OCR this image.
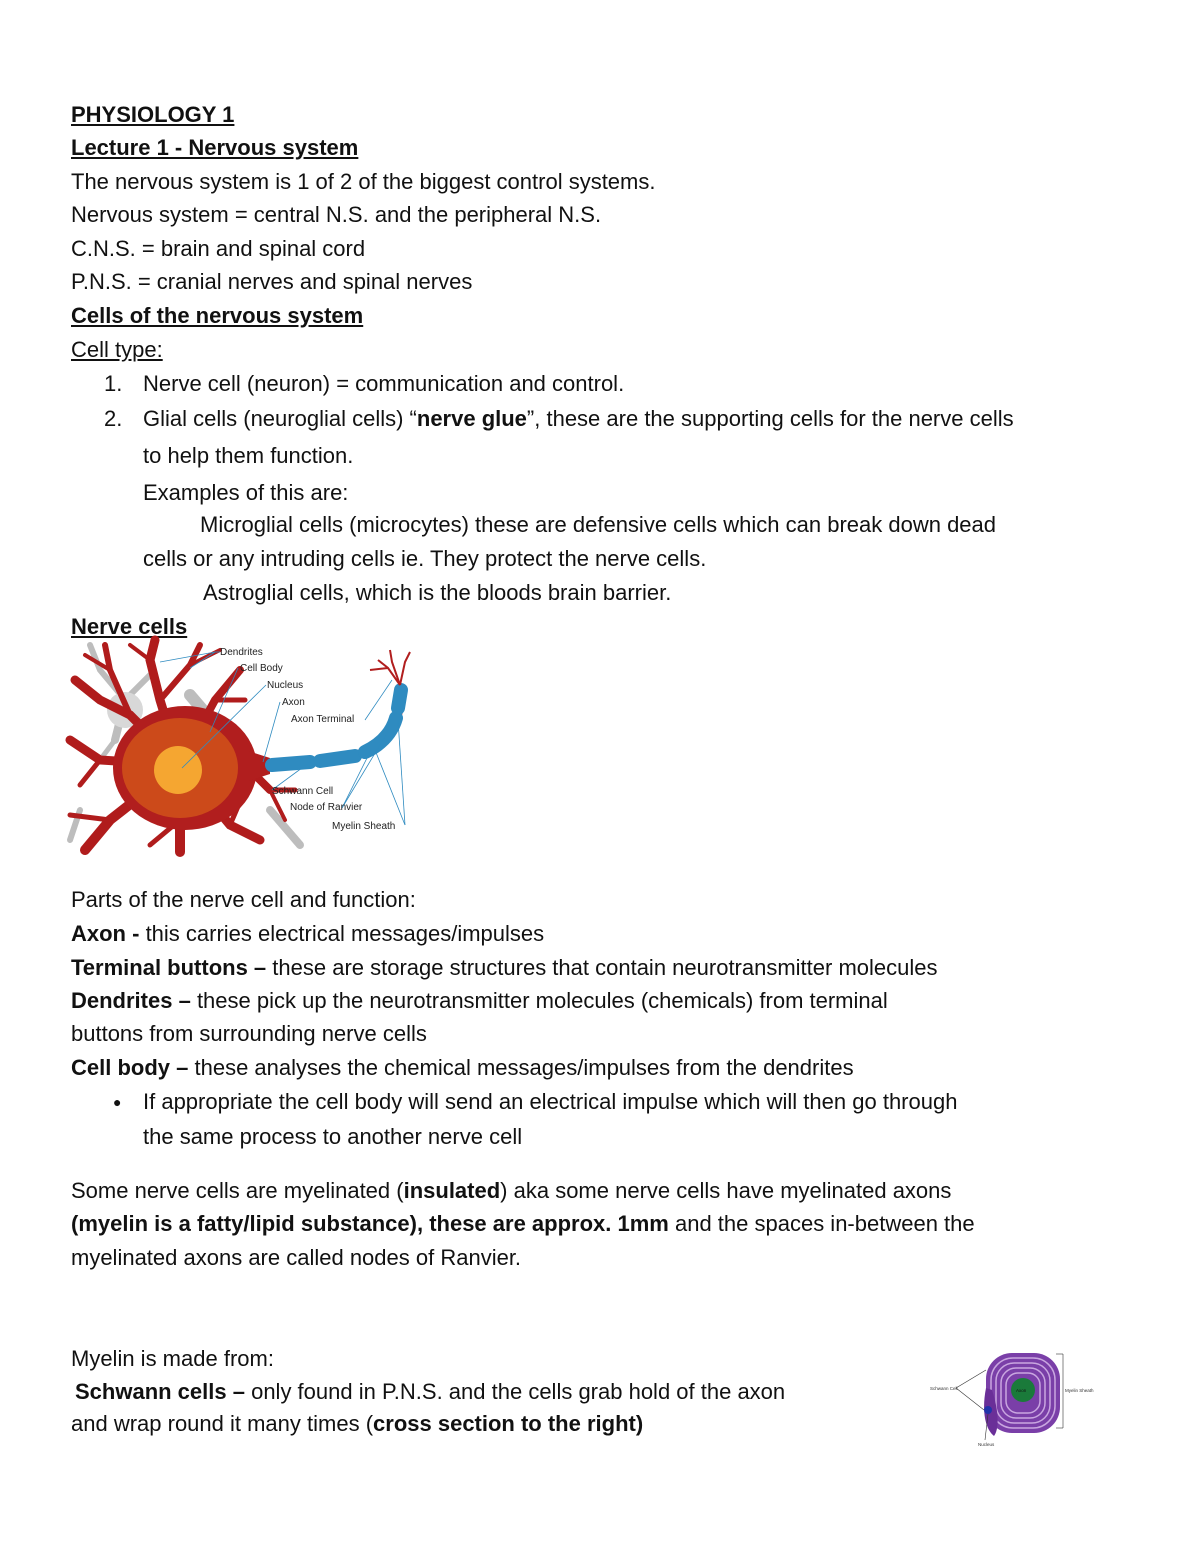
PHYSIOLOGY 1
Lecture 1 - Nervous system
The nervous system is 1 of 2 of the biggest control systems.
Nervous system = central N.S. and the peripheral N.S.
C.N.S. = brain and spinal cord
P.N.S. = cranial nerves and spinal nerves
Cells of the nervous system
Cell type:
1. Nerve cell (neuron) = communication and control.
2. Glial cells (neuroglial cells) “nerve glue”, these are the supporting cells for the nerve cells
to help them function.
Examples of this are:
Microglial cells (microcytes) these are defensive cells which can break down dead
cells or any intruding cells ie. They protect the nerve cells.
Astroglial cells, which is the bloods brain barrier.
Nerve cells
Dendrites
Cell Body
Nucleus
Axon
Axon Terminal
Schwann Cell
Node of Ranvier
Myelin Sheath
Parts of the nerve cell and function:
Axon - this carries electrical messages/impulses
Terminal buttons – these are storage structures that contain neurotransmitter molecules
Dendrites – these pick up the neurotransmitter molecules (chemicals) from terminal
buttons from surrounding nerve cells
Cell body – these analyses the chemical messages/impulses from the dendrites
● If appropriate the cell body will send an electrical impulse which will then go through
the same process to another nerve cell
Some nerve cells are myelinated (insulated) aka some nerve cells have myelinated axons
(myelin is a fatty/lipid substance), these are approx. 1mm and the spaces in-between the
myelinated axons are called nodes of Ranvier.
Myelin is made from:
Schwann cells – only found in P.N.S. and the cells grab hold of the axon
and wrap round it many times (cross section to the right)
Schwann Cell	Axon	Myelin Sheath
Nucleus
